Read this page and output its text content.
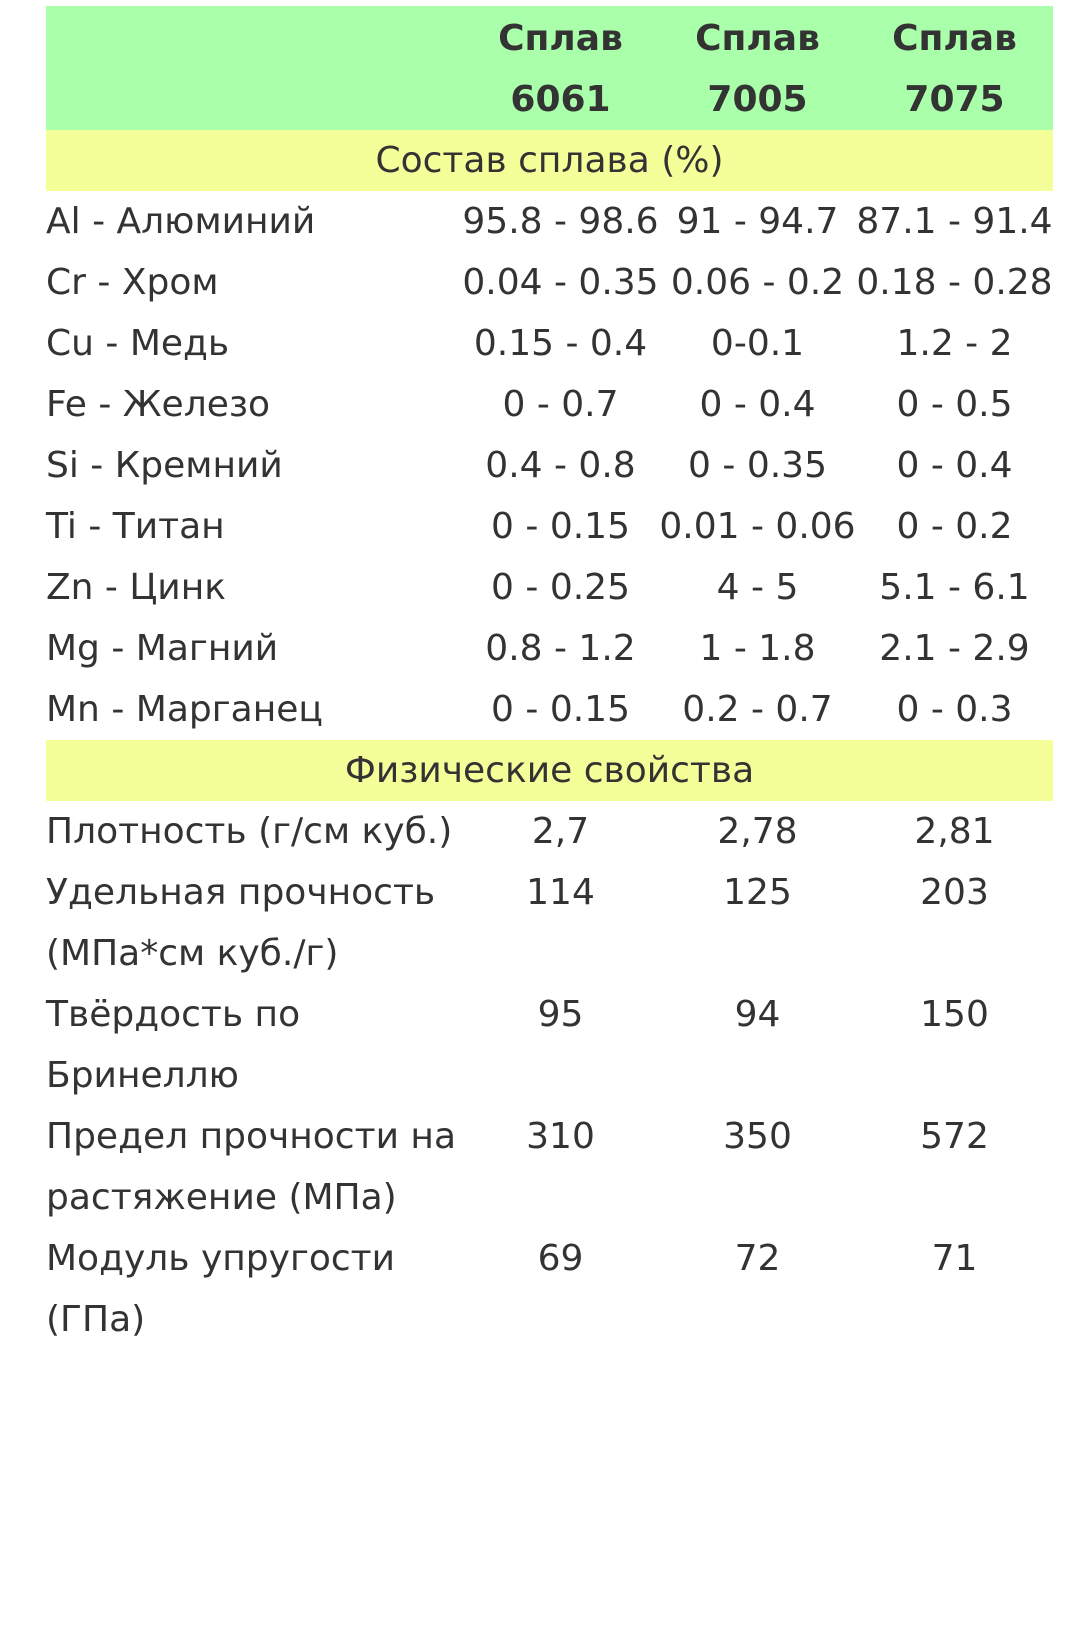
	Сплав 6061	Сплав 7005	Сплав 7075
Состав сплава (%)			
Al - Алюминий	95.8 - 98.6	91 - 94.7	87.1 - 91.4
Cr - Хром	0.04 - 0.35	0.06 - 0.2	0.18 - 0.28
Cu - Медь	0.15 - 0.4	0-0.1	1.2 - 2
Fe - Железо	0 - 0.7	0 - 0.4	0 - 0.5
Si - Кремний	0.4 - 0.8	0 - 0.35	0 - 0.4
Ti - Титан	0 - 0.15	0.01 - 0.06	0 - 0.2
Zn - Цинк	0 - 0.25	4 - 5	5.1 - 6.1
Mg - Магний	0.8 - 1.2	1 - 1.8	2.1 - 2.9
Mn - Марганец	0 - 0.15	0.2 - 0.7	0 - 0.3
Физические свойства			
Плотность (г/см куб.)	2,7	2,78	2,81
Удельная прочность (МПа*см куб./г)	114	125	203
Твёрдость по Бринеллю	95	94	150
Предел прочности на растяжение (МПа)	310	350	572
Модуль упругости (ГПа)	69	72	71
